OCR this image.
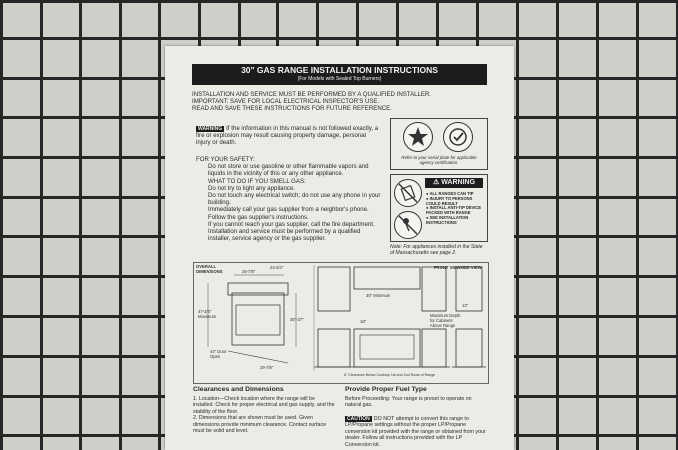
30" GAS RANGE INSTALLATION INSTRUCTIONS
(For Models with Sealed Top Burners)
INSTALLATION AND SERVICE MUST BE PERFORMED BY A QUALIFIED INSTALLER.
IMPORTANT: SAVE FOR LOCAL ELECTRICAL INSPECTOR'S USE.
READ AND SAVE THESE INSTRUCTIONS FOR FUTURE REFERENCE.
WARNING If the information in this manual is not followed exactly, a fire or explosion may result causing property damage, personal injury or death.
FOR YOUR SAFETY:
Do not store or use gasoline or other flammable vapors and liquids in the vicinity of this or any other appliance.
WHAT TO DO IF YOU SMELL GAS:
Do not try to light any appliance.
Do not touch any electrical switch; do not use any phone in your building.
Immediately call your gas supplier from a neighbor's phone. Follow the gas supplier's instructions.
If you cannot reach your gas supplier, call the fire department.
Installation and service must be performed by a qualified installer, service agency or the gas supplier.
Refer to your serial plate for applicable agency certification.
⚠ WARNING
● ALL RANGES CAN TIP
● INJURY TO PERSONS COULD RESULT
● INSTALL ANTI-TIP DEVICE PACKED WITH RANGE
● SEE INSTALLATION INSTRUCTIONS
Note: For appliances installed in the State of Massachusetts see page 2.
OVERALL DIMENSIONS	26-7/8"
23-3/4"
47-3/4" Maximum
36"-37"
44" Door Open
29-7/8"
30" Minimum
18"
Maximum Depth for Cabinets Above Range
13"
FRONT VIEW SIDE VIEW
6" Clearance Below Cooktop 1st and 2nd Rows of Range
Clearances and Dimensions
1. Location—Check location where the range will be installed. Check for proper electrical and gas supply, and the stability of the floor.
2. Dimensions that are shown must be used. Given dimensions provide minimum clearance. Contact surface must be solid and level.
Provide Proper Fuel Type
Before Proceeding: Your range is preset to operate on natural gas.
CAUTION DO NOT attempt to convert this range to LP/Propane settings without the proper LP/Propane conversion kit provided with the range or obtained from your dealer. Follow all instructions provided with the LP Conversion kit.
